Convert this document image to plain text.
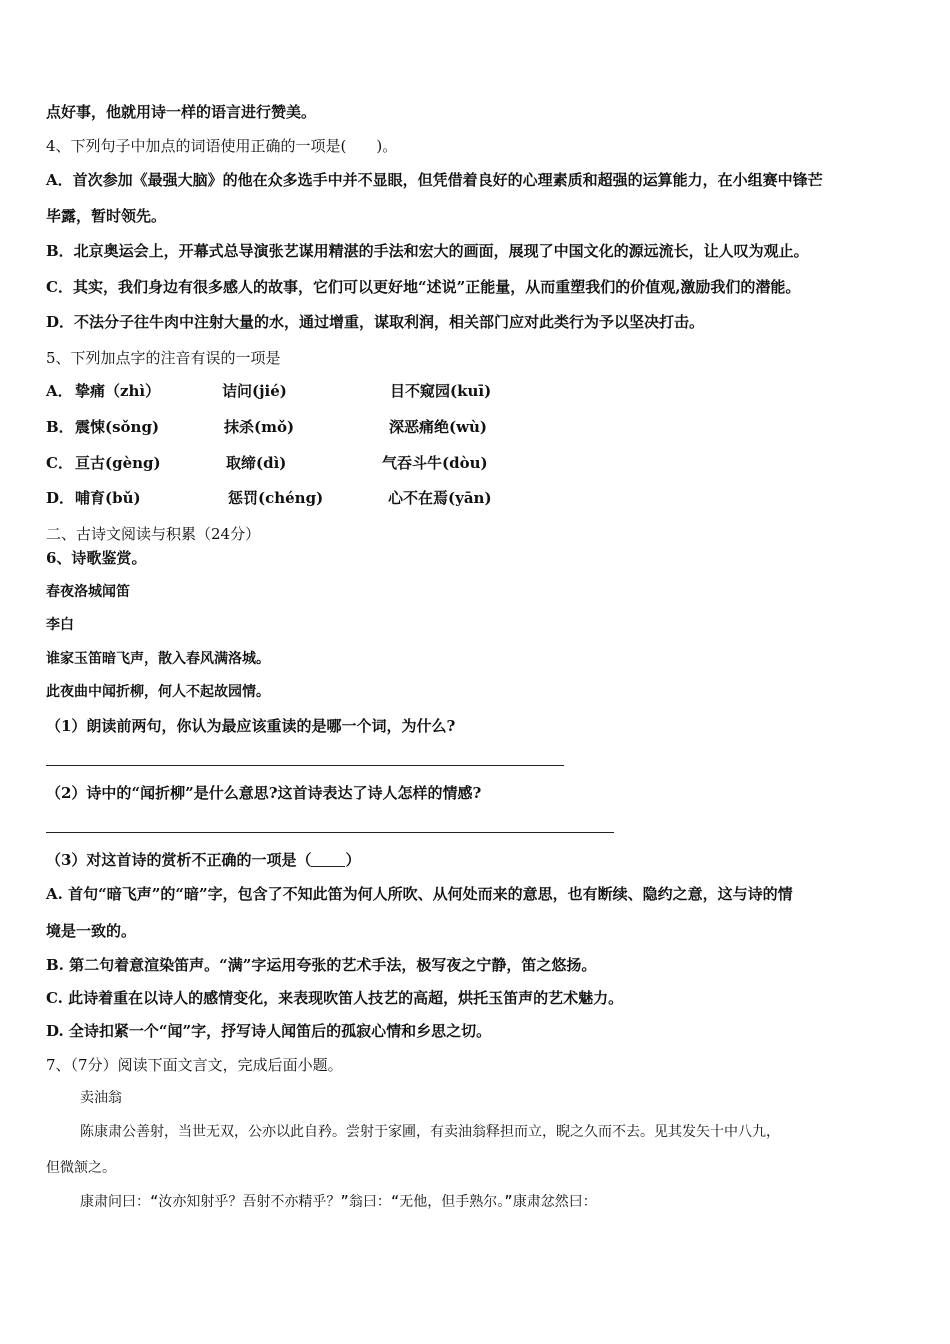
点好事，他就用诗一样的语言进行赞美。
4、下列句子中加点的词语使用正确的一项是(　　)。
A．首次参加《最强大脑》的他在众多选手中并不显眼，但凭借着良好的心理素质和超强的运算能力，在小组赛中锋芒
毕露，暂时领先。
B．北京奥运会上，开幕式总导演张艺谋用精湛的手法和宏大的画面，展现了中国文化的源远流长，让人叹为观止。
C．其实，我们身边有很多感人的故事，它们可以更好地“述说”正能量，从而重塑我们的价值观,激励我们的潜能。
D．不法分子往牛肉中注射大量的水，通过增重，谋取利润，相关部门应对此类行为予以坚决打击。
5、下列加点字的注音有误的一项是
A． 挚痛（zhì）	诘问(jié)	目不窥园(kuī)
B． 震悚(sǒng)	抹杀(mǒ)	深恶痛绝(wù)
C． 亘古(gèng)	取缔(dì)	气吞斗牛(dòu)
D． 哺育(bǔ)	惩罚(chéng)	心不在焉(yān)
二、古诗文阅读与积累（24分）
6、诗歌鉴赏。
春夜洛城闻笛
李白
谁家玉笛暗飞声，散入春风满洛城。
此夜曲中闻折柳，何人不起故园情。
（1）朗读前两句，你认为最应该重读的是哪一个词，为什么?
（2）诗中的“闻折柳”是什么意思?这首诗表达了诗人怎样的情感?
（3）对这首诗的赏析不正确的一项是（ ）
A. 首句“暗飞声”的“暗”字，包含了不知此笛为何人所吹、从何处而来的意思，也有断续、隐约之意，这与诗的情
境是一致的。
B. 第二句着意渲染笛声。“满”字运用夸张的艺术手法，极写夜之宁静，笛之悠扬。
C. 此诗着重在以诗人的感情变化，来表现吹笛人技艺的高超，烘托玉笛声的艺术魅力。
D. 全诗扣紧一个“闻”字，抒写诗人闻笛后的孤寂心情和乡思之切。
7、（7分）阅读下面文言文，完成后面小题。
卖油翁
陈康肃公善射，当世无双，公亦以此自矜。尝射于家圃，有卖油翁释担而立，睨之久而不去。见其发矢十中八九，
但微颔之。
康肃问曰：“汝亦知射乎？吾射不亦精乎？”翁曰：“无他，但手熟尔。”康肃忿然曰：
